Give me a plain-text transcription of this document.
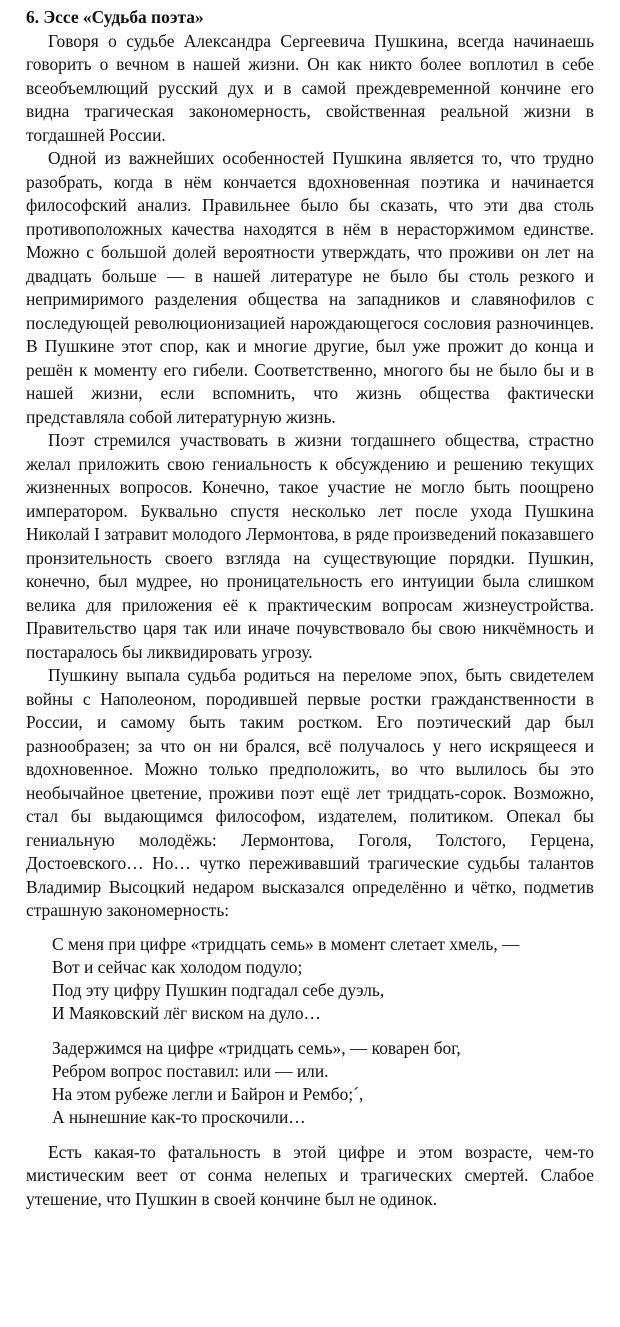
6. Эссе «Судьба поэта»

Говоря о судьбе Александра Сергеевича Пушкина, всегда начинаешь говорить о вечном в нашей жизни. Он как никто более воплотил в себе всеобъемлющий русский дух и в самой преждевременной кончине его видна трагическая закономерность, свойственная реальной жизни в тогдашней России.

Одной из важнейших особенностей Пушкина является то, что трудно разобрать, когда в нём кончается вдохновенная поэтика и начинается философский анализ. Правильнее было бы сказать, что эти два столь противоположных качества находятся в нём в нерасторжимом единстве. Можно с большой долей вероятности утверждать, что проживи он лет на двадцать больше — в нашей литературе не было бы столь резкого и непримиримого разделения общества на западников и славянофилов с последующей революционизацией нарождающегося сословия разночинцев. В Пушкине этот спор, как и многие другие, был уже прожит до конца и решён к моменту его гибели. Соответственно, многого бы не было бы и в нашей жизни, если вспомнить, что жизнь общества фактически представляла собой литературную жизнь.

Поэт стремился участвовать в жизни тогдашнего общества, страстно желал приложить свою гениальность к обсуждению и решению текущих жизненных вопросов. Конечно, такое участие не могло быть поощрено императором. Буквально спустя несколько лет после ухода Пушкина Николай I затравит молодого Лермонтова, в ряде произведений показавшего пронзительность своего взгляда на существующие порядки. Пушкин, конечно, был мудрее, но проницательность его интуиции была слишком велика для приложения её к практическим вопросам жизнеустройства. Правительство царя так или иначе почувствовало бы свою никчёмность и постаралось бы ликвидировать угрозу.

Пушкину выпала судьба родиться на переломе эпох, быть свидетелем войны с Наполеоном, породившей первые ростки гражданственности в России, и самому быть таким ростком. Его поэтический дар был разнообразен; за что он ни брался, всё получалось у него искрящееся и вдохновенное. Можно только предположить, во что вылилось бы это необычайное цветение, проживи поэт ещё лет тридцать-сорок. Возможно, стал бы выдающимся философом, издателем, политиком. Опекал бы гениальную молодёжь: Лермонтова, Гоголя, Толстого, Герцена, Достоевского… Но… чутко переживавший трагические судьбы талантов Владимир Высоцкий недаром высказался определённо и чётко, подметив страшную закономерность:

С меня при цифре «тридцать семь» в момент слетает хмель, —
Вот и сейчас как холодом подуло;
Под эту цифру Пушкин подгадал себе дуэль,
И Маяковский лёг виском на дуло…
Задержимся на цифре «тридцать семь», — коварен бог,
Ребром вопрос поставил: или — или.
На этом рубеже легли и Байрон и Рембо;´,
А нынешние как-то проскочили…

Есть какая-то фатальность в этой цифре и этом возрасте, чем-то мистическим веет от сонма нелепых и трагических смертей. Слабое утешение, что Пушкин в своей кончине был не одинок.
